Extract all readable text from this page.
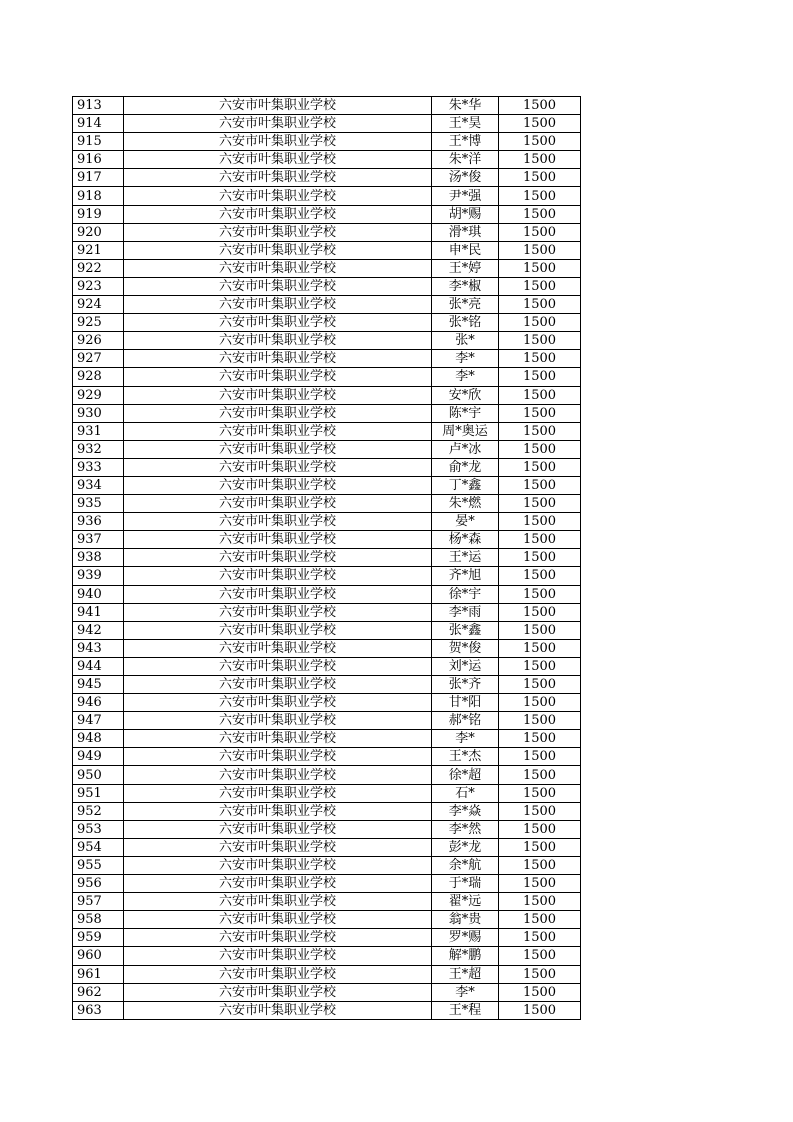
913	六安市叶集职业学校	朱*华	1500
914	六安市叶集职业学校	王*昊	1500
915	六安市叶集职业学校	王*博	1500
916	六安市叶集职业学校	朱*洋	1500
917	六安市叶集职业学校	汤*俊	1500
918	六安市叶集职业学校	尹*强	1500
919	六安市叶集职业学校	胡*赐	1500
920	六安市叶集职业学校	滑*琪	1500
921	六安市叶集职业学校	申*民	1500
922	六安市叶集职业学校	王*婷	1500
923	六安市叶集职业学校	李*椒	1500
924	六安市叶集职业学校	张*亮	1500
925	六安市叶集职业学校	张*铭	1500
926	六安市叶集职业学校	张*	1500
927	六安市叶集职业学校	李*	1500
928	六安市叶集职业学校	李*	1500
929	六安市叶集职业学校	安*欣	1500
930	六安市叶集职业学校	陈*宇	1500
931	六安市叶集职业学校	周*奥运	1500
932	六安市叶集职业学校	卢*冰	1500
933	六安市叶集职业学校	俞*龙	1500
934	六安市叶集职业学校	丁*鑫	1500
935	六安市叶集职业学校	朱*燃	1500
936	六安市叶集职业学校	晏*	1500
937	六安市叶集职业学校	杨*森	1500
938	六安市叶集职业学校	王*运	1500
939	六安市叶集职业学校	齐*旭	1500
940	六安市叶集职业学校	徐*宇	1500
941	六安市叶集职业学校	李*雨	1500
942	六安市叶集职业学校	张*鑫	1500
943	六安市叶集职业学校	贺*俊	1500
944	六安市叶集职业学校	刘*运	1500
945	六安市叶集职业学校	张*齐	1500
946	六安市叶集职业学校	甘*阳	1500
947	六安市叶集职业学校	郝*铭	1500
948	六安市叶集职业学校	李*	1500
949	六安市叶集职业学校	王*杰	1500
950	六安市叶集职业学校	徐*超	1500
951	六安市叶集职业学校	石*	1500
952	六安市叶集职业学校	李*焱	1500
953	六安市叶集职业学校	李*然	1500
954	六安市叶集职业学校	彭*龙	1500
955	六安市叶集职业学校	余*航	1500
956	六安市叶集职业学校	于*瑞	1500
957	六安市叶集职业学校	翟*远	1500
958	六安市叶集职业学校	翁*贵	1500
959	六安市叶集职业学校	罗*赐	1500
960	六安市叶集职业学校	解*鹏	1500
961	六安市叶集职业学校	王*超	1500
962	六安市叶集职业学校	李*	1500
963	六安市叶集职业学校	王*程	1500
